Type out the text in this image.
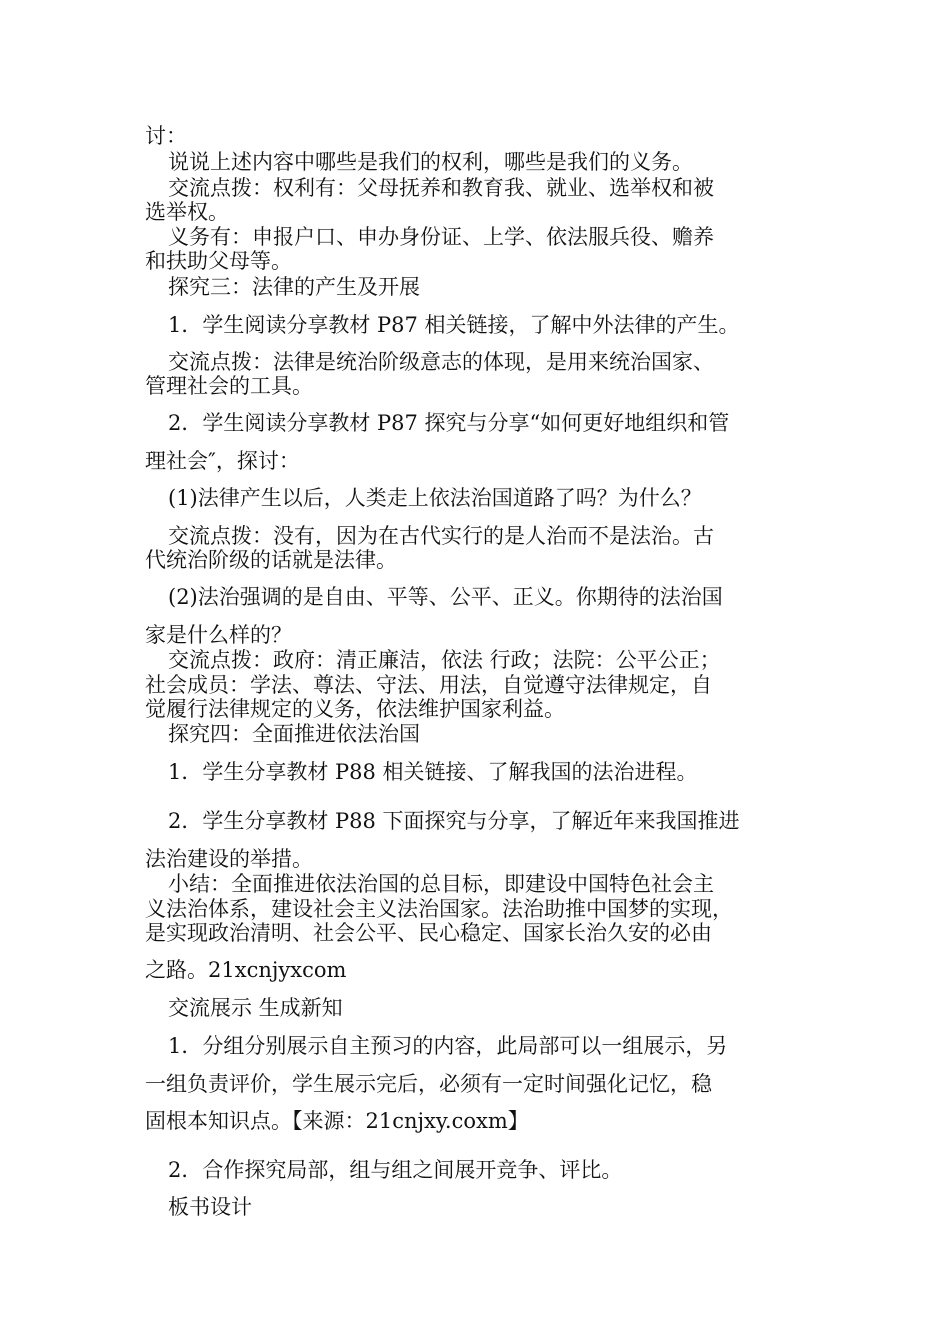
讨：
说说上述内容中哪些是我们的权利，哪些是我们的义务。
交流点拨：权利有：父母抚养和教育我、就业、选举权和被
选举权。
义务有：申报户口、申办身份证、上学、依法服兵役、赡养
和扶助父母等。
探究三：法律的产生及开展
1．学生阅读分享教材 P87 相关链接，了解中外法律的产生。
交流点拨：法律是统治阶级意志的体现，是用来统治国家、
管理社会的工具。
2．学生阅读分享教材 P87 探究与分享“如何更好地组织和管
理社会″，探讨：
(1)法律产生以后，人类走上依法治国道路了吗？为什么？
交流点拨：没有，因为在古代实行的是人治而不是法治。古
代统治阶级的话就是法律。
(2)法治强调的是自由、平等、公平、正义。你期待的法治国
家是什么样的？
交流点拨：政府：清正廉洁，依法 行政；法院：公平公正；
社会成员：学法、尊法、守法、用法，自觉遵守法律规定，自
觉履行法律规定的义务，依法维护国家利益。
探究四：全面推进依法治国
1．学生分享教材 P88 相关链接、了解我国的法治进程。
2．学生分享教材 P88 下面探究与分享，了解近年来我国推进
法治建设的举措。
小结：全面推进依法治国的总目标，即建设中国特色社会主
义法治体系，建设社会主义法治国家。法治助推中国梦的实现，
是实现政治清明、社会公平、民心稳定、国家长治久安的必由
之路。21xcnjyxcom
交流展示 生成新知
1．分组分别展示自主预习的内容，此局部可以一组展示，另
一组负责评价，学生展示完后，必须有一定时间强化记忆，稳
固根本知识点。【来源：21cnjxy.coxm】
2．合作探究局部，组与组之间展开竞争、评比。
板书设计
